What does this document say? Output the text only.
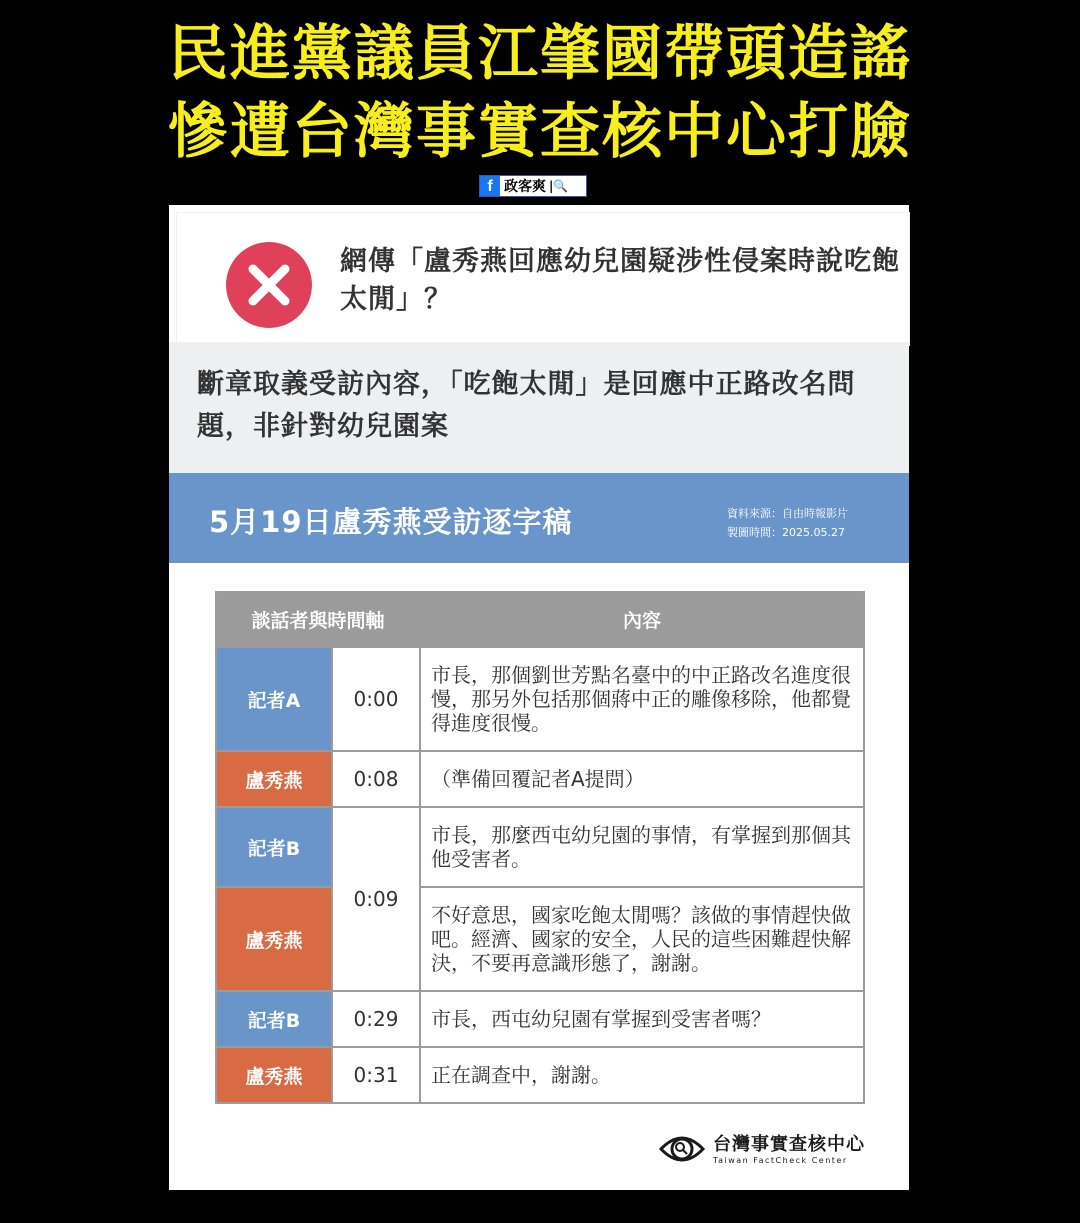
民進黨議員江肇國帶頭造謠
慘遭台灣事實查核中心打臉
f 政客爽 |🔍
網傳「盧秀燕回應幼兒園疑涉性侵案時說吃飽太閒」？
斷章取義受訪內容，「吃飽太閒」是回應中正路改名問題，非針對幼兒園案
5月19日盧秀燕受訪逐字稿	資料來源：自由時報影片
製圖時間：2025.05.27
談話者與時間軸		內容
記者A	0:00	市長，那個劉世芳點名臺中的中正路改名進度很慢，那另外包括那個蔣中正的雕像移除，他都覺得進度很慢。
盧秀燕	0:08	（準備回覆記者A提問）
記者B	0:09	市長，那麼西屯幼兒園的事情，有掌握到那個其他受害者。
盧秀燕		不好意思，國家吃飽太閒嗎？該做的事情趕快做吧。經濟、國家的安全，人民的這些困難趕快解決，不要再意識形態了，謝謝。
記者B	0:29	市長，西屯幼兒園有掌握到受害者嗎？
盧秀燕	0:31	正在調查中，謝謝。
台灣事實查核中心
Taiwan FactCheck Center
